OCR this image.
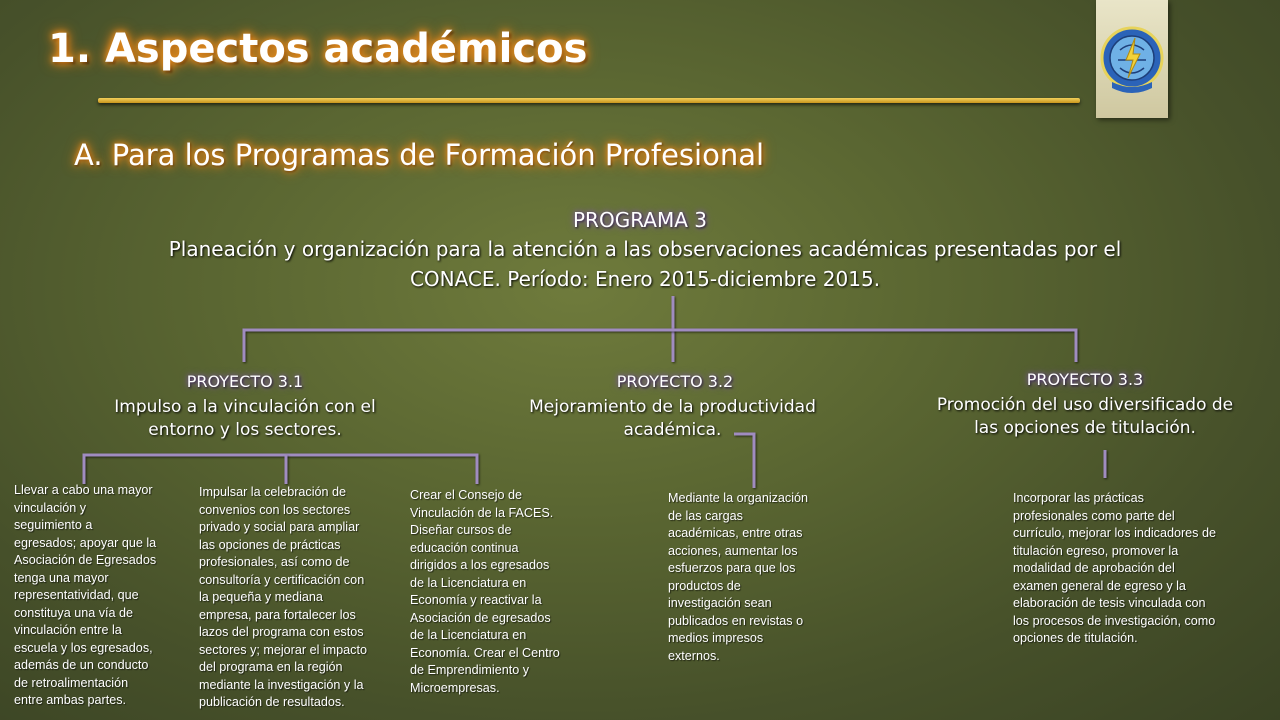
1. Aspectos académicos
A. Para los Programas de Formación Profesional
PROGRAMA 3
Planeación y organización para la atención a las observaciones académicas presentadas por el
CONACE. Período: Enero 2015-diciembre 2015.
PROYECTO 3.1
Impulso a la vinculación con el
entorno y los sectores.
PROYECTO 3.2
Mejoramiento de la productividad
académica.
PROYECTO 3.3
Promoción del uso diversificado de
las opciones de titulación.
Llevar a cabo una mayor
vinculación y
seguimiento a
egresados; apoyar que la
Asociación de Egresados
tenga una mayor
representatividad, que
constituya una vía de
vinculación entre la
escuela y los egresados,
además de un conducto
de retroalimentación
entre ambas partes.
Impulsar la celebración de
convenios con los sectores
privado y social para ampliar
las opciones de prácticas
profesionales, así como de
consultoría y certificación con
la pequeña y mediana
empresa, para fortalecer los
lazos del programa con estos
sectores y; mejorar el impacto
del programa en la región
mediante la investigación y la
publicación de resultados.
Crear el Consejo de
Vinculación de la FACES.
Diseñar cursos de
educación continua
dirigidos a los egresados
de la Licenciatura en
Economía y reactivar la
Asociación de egresados
de la Licenciatura en
Economía. Crear el Centro
de Emprendimiento y
Microempresas.
Mediante la organización
de las cargas
académicas, entre otras
acciones, aumentar los
esfuerzos para que los
productos de
investigación sean
publicados en revistas o
medios impresos
externos.
Incorporar las prácticas
profesionales como parte del
currículo, mejorar los indicadores de
titulación egreso, promover la
modalidad de aprobación del
examen general de egreso y la
elaboración de tesis vinculada con
los procesos de investigación, como
opciones de titulación.
